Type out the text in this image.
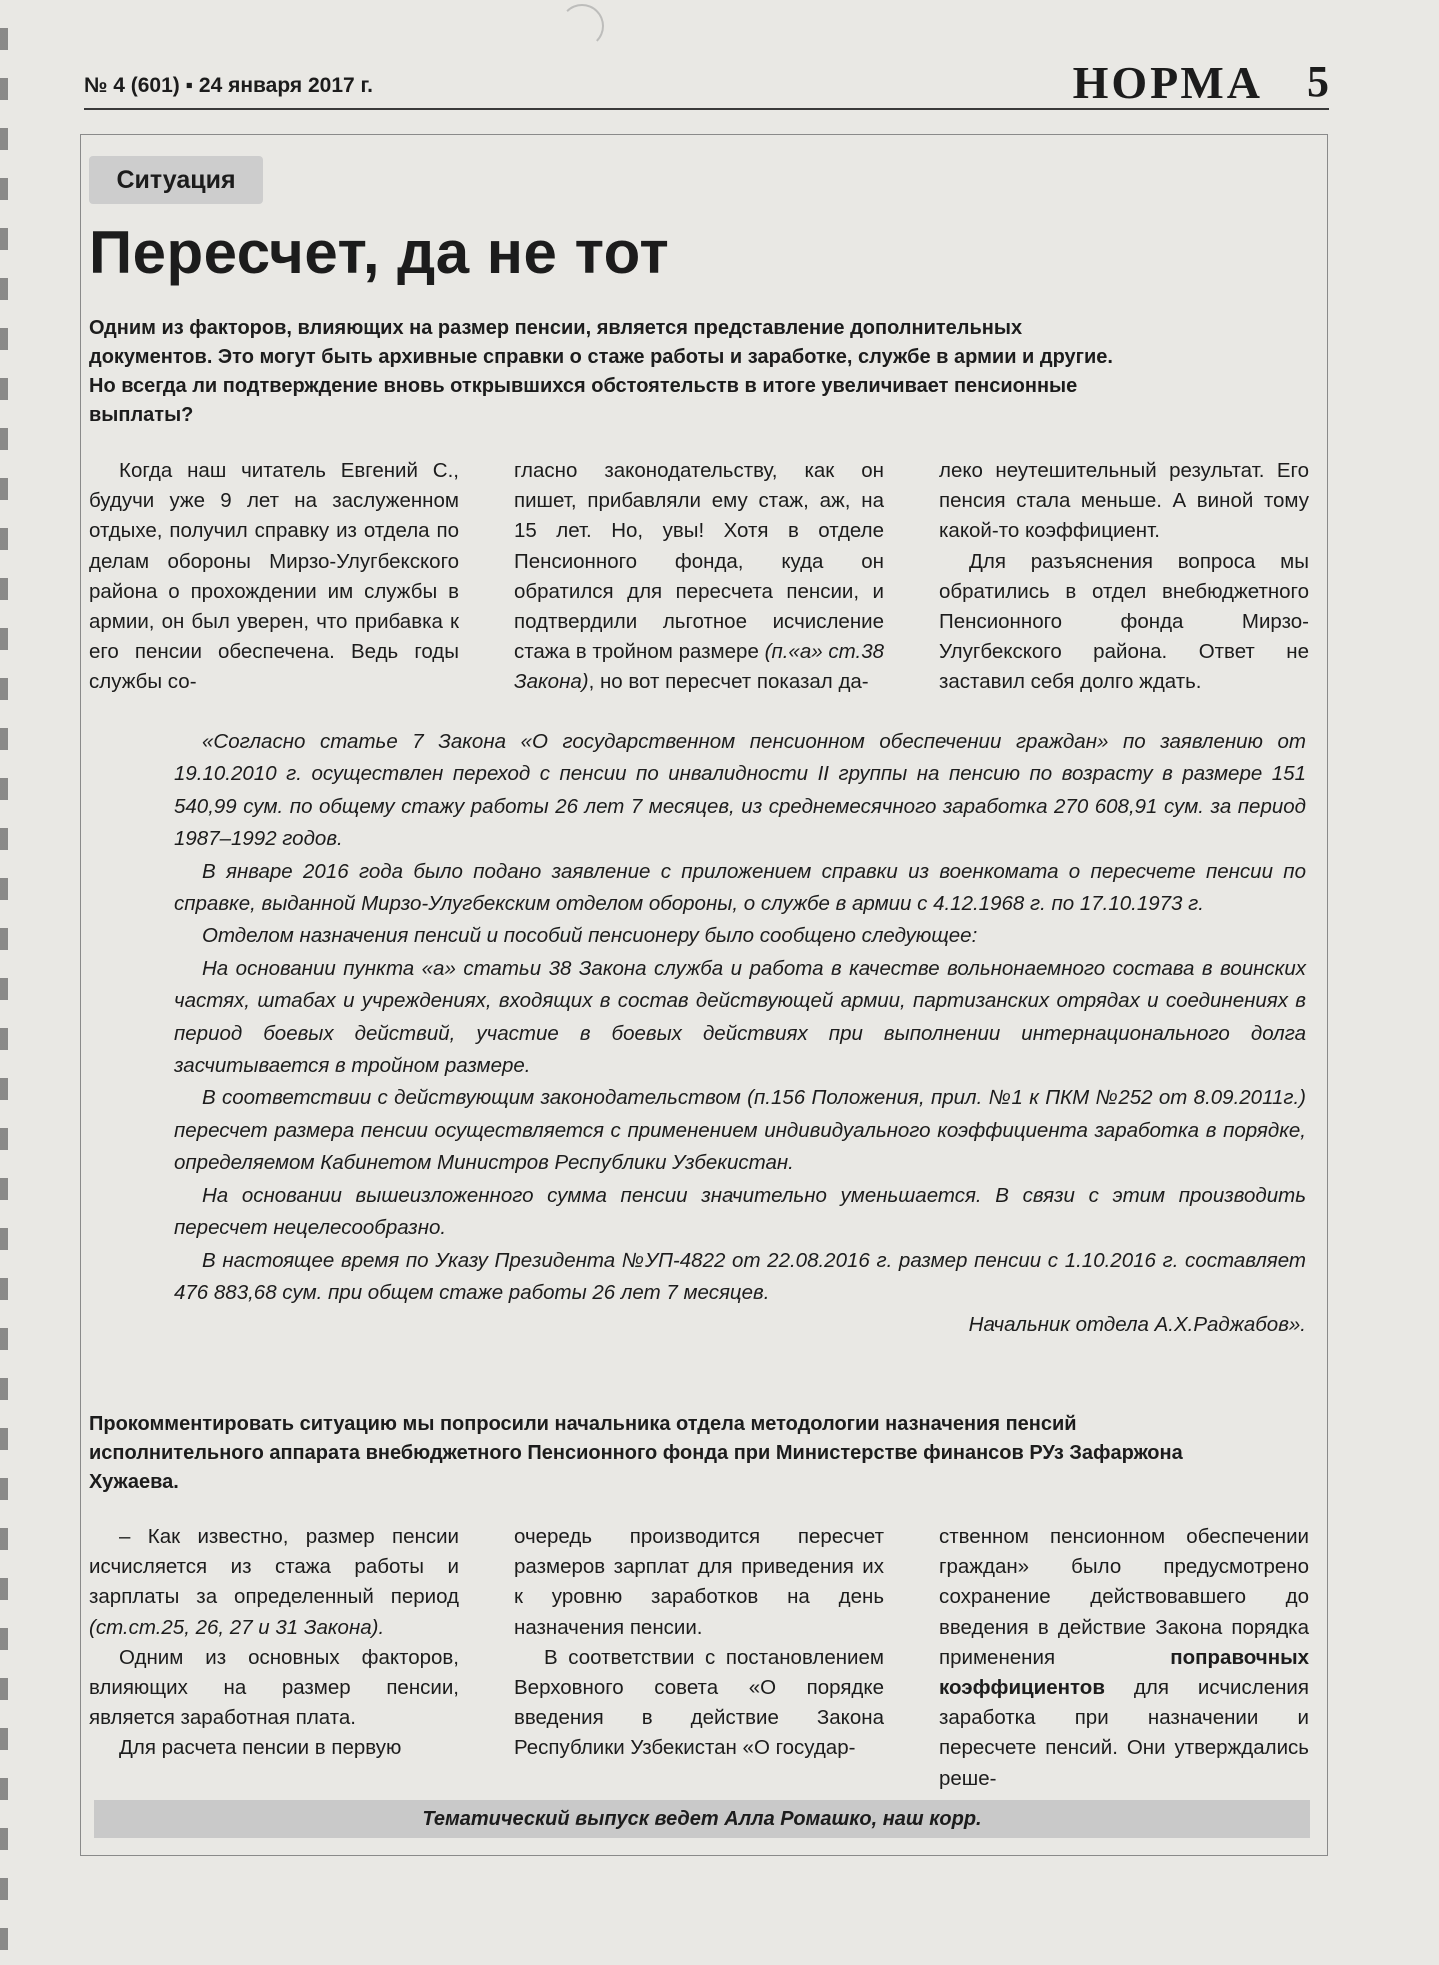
№ 4 (601) ▪ 24 января 2017 г.	НОРМА 5
Ситуация
Пересчет, да не тот

Одним из факторов, влияющих на размер пенсии, является представление дополнительных документов. Это могут быть архивные справки о стаже работы и заработке, службе в армии и другие. Но всегда ли подтверждение вновь открывшихся обстоятельств в итоге увеличивает пенсионные выплаты?

Когда наш читатель Евгений С., будучи уже 9 лет на заслуженном отдыхе, получил справку из отдела по делам обороны Мирзо-Улугбекского района о прохождении им службы в армии, он был уверен, что прибавка к его пенсии обеспечена. Ведь годы службы со-

гласно законодательству, как он пишет, прибавляли ему стаж, аж, на 15 лет. Но, увы! Хотя в отделе Пенсионного фонда, куда он обратился для пересчета пенсии, и подтвердили льготное исчисление стажа в тройном размере (п.«а» ст.38 Закона), но вот пересчет показал да-

леко неутешительный результат. Его пенсия стала меньше. А виной тому какой-то коэффициент.

Для разъяснения вопроса мы обратились в отдел внебюджетного Пенсионного фонда Мирзо-Улугбекского района. Ответ не заставил себя долго ждать.

«Согласно статье 7 Закона «О государственном пенсионном обеспечении граждан» по заявлению от 19.10.2010 г. осуществлен переход с пенсии по инвалидности II группы на пенсию по возрасту в размере 151 540,99 сум. по общему стажу работы 26 лет 7 месяцев, из среднемесячного заработка 270 608,91 сум. за период 1987–1992 годов.

В январе 2016 года было подано заявление с приложением справки из военкомата о пересчете пенсии по справке, выданной Мирзо-Улугбекским отделом обороны, о службе в армии с 4.12.1968 г. по 17.10.1973 г.

Отделом назначения пенсий и пособий пенсионеру было сообщено следующее:

На основании пункта «а» статьи 38 Закона служба и работа в качестве вольнонаемного состава в воинских частях, штабах и учреждениях, входящих в состав действующей армии, партизанских отрядах и соединениях в период боевых действий, участие в боевых действиях при выполнении интернационального долга засчитывается в тройном размере.

В соответствии с действующим законодательством (п.156 Положения, прил. №1 к ПКМ №252 от 8.09.2011г.) пересчет размера пенсии осуществляется с применением индивидуального коэффициента заработка в порядке, определяемом Кабинетом Министров Республики Узбекистан.

На основании вышеизложенного сумма пенсии значительно уменьшается. В связи с этим производить пересчет нецелесообразно.

В настоящее время по Указу Президента №УП-4822 от 22.08.2016 г. размер пенсии с 1.10.2016 г. составляет 476 883,68 сум. при общем стаже работы 26 лет 7 месяцев.

Начальник отдела А.Х.Раджабов».

Прокомментировать ситуацию мы попросили начальника отдела методологии назначения пенсий исполнительного аппарата внебюджетного Пенсионного фонда при Министерстве финансов РУз Зафаржона Хужаева.

– Как известно, размер пенсии исчисляется из стажа работы и зарплаты за определенный период (ст.ст.25, 26, 27 и 31 Закона).

Одним из основных факторов, влияющих на размер пенсии, является заработная плата.

Для расчета пенсии в первую

очередь производится пересчет размеров зарплат для приведения их к уровню заработков на день назначения пенсии.

В соответствии с постановлением Верховного совета «О порядке введения в действие Закона Республики Узбекистан «О государ-

ственном пенсионном обеспечении граждан» было предусмотрено сохранение действовавшего до введения в действие Закона порядка применения поправочных коэффициентов для исчисления заработка при назначении и пересчете пенсий. Они утверждались реше-

Тематический выпуск ведет Алла Ромашко, наш корр.
